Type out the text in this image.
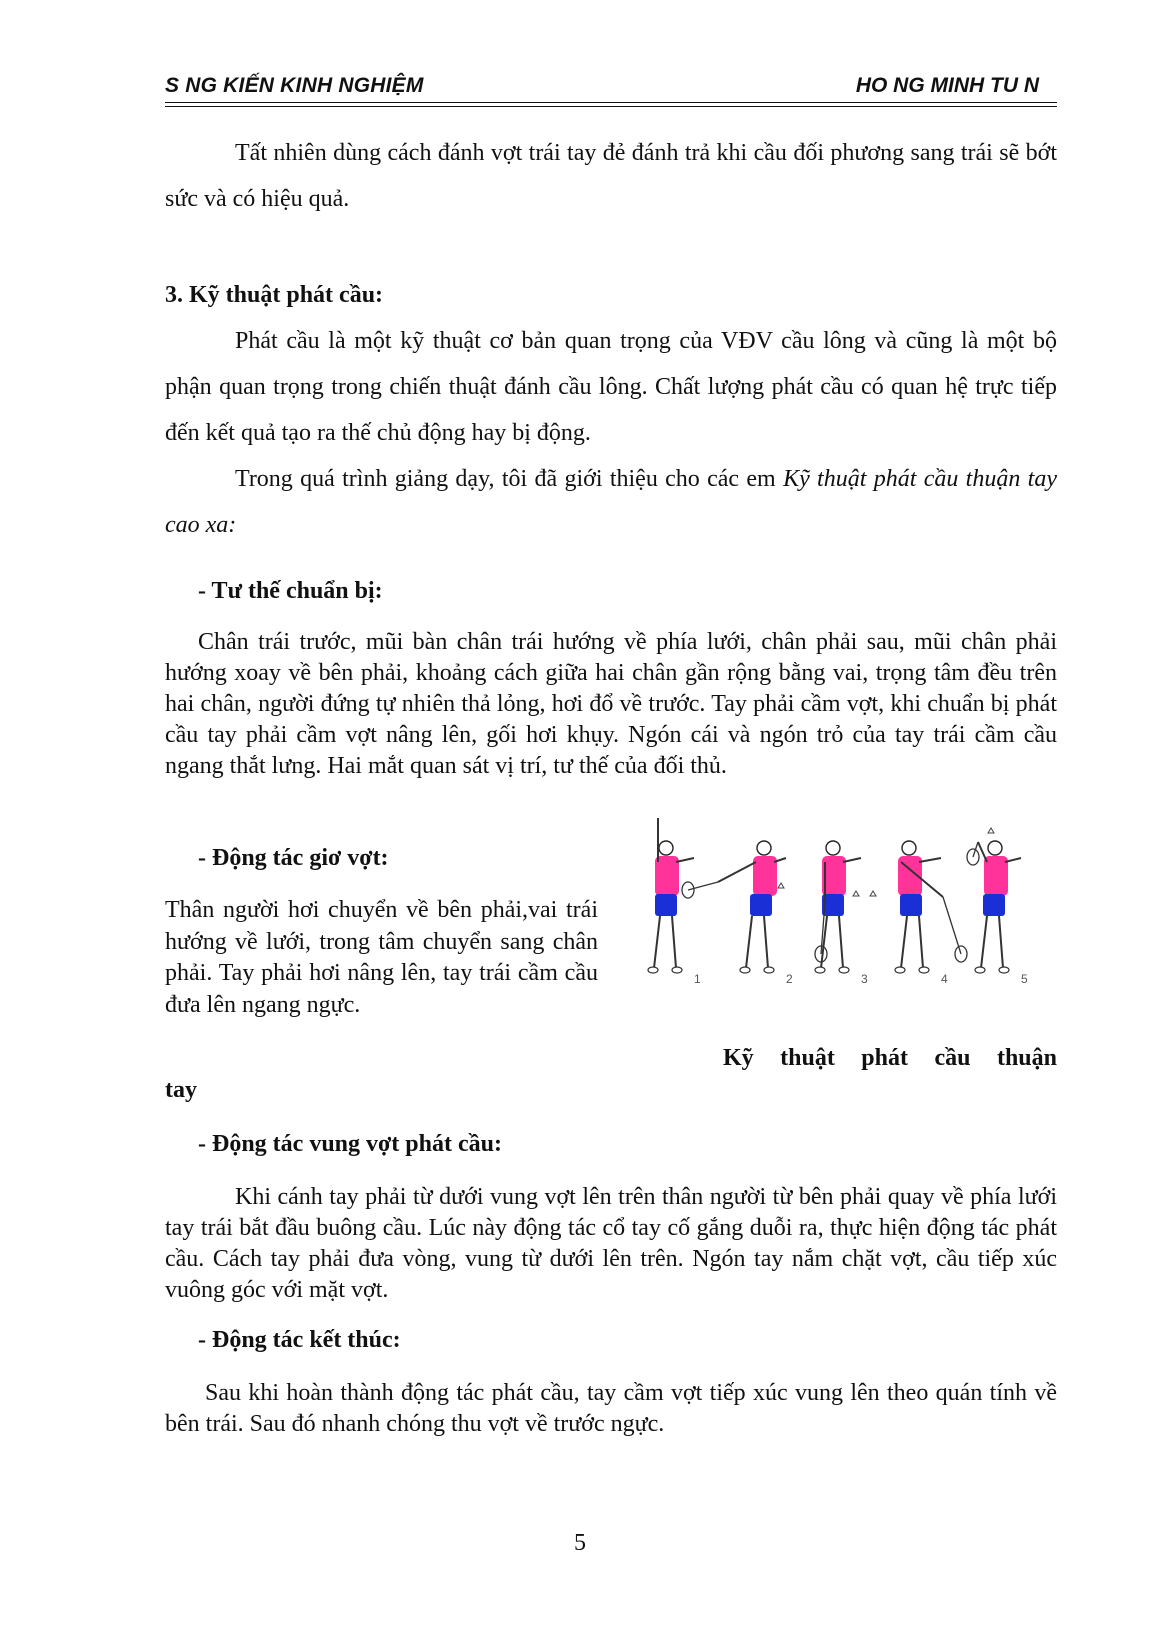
S NG KIẾN KINH NGHIỆM	HO NG MINH TU N
Tất nhiên dùng cách đánh vợt trái tay đẻ đánh trả khi cầu đối phương sang trái sẽ bớt sức và có hiệu quả.
3. Kỹ thuật phát cầu:
Phát cầu là một kỹ thuật cơ bản quan trọng của VĐV cầu lông và cũng là một bộ phận quan trọng trong chiến thuật đánh cầu lông. Chất lượng phát cầu có quan hệ trực tiếp đến kết quả tạo ra thế chủ động hay bị động.
Trong quá trình giảng dạy, tôi đã giới thiệu cho các em Kỹ thuật phát cầu thuận tay cao xa:
- Tư thế chuẩn bị:
Chân trái trước, mũi bàn chân trái hướng về phía lưới, chân phải sau, mũi chân phải hướng xoay về bên phải, khoảng cách giữa hai chân gần rộng bằng vai, trọng tâm đều trên hai chân, người đứng tự nhiên thả lỏng, hơi đổ về trước. Tay phải cầm vợt, khi chuẩn bị phát cầu tay phải cầm vợt nâng lên, gối hơi khụy. Ngón cái và ngón trỏ của tay trái cầm cầu ngang thắt lưng. Hai mắt quan sát vị trí, tư thế của đối thủ.
- Động tác giơ vợt:
Thân người hơi chuyển về bên phải,vai trái hướng về lưới, trong tâm chuyển sang chân phải. Tay phải hơi nâng lên, tay trái cầm cầu đưa lên ngang ngực.
1	2	3	4	5
Kỹ thuật phát cầu thuận tay
- Động tác vung vợt phát cầu:
Khi cánh tay phải từ dưới vung vợt lên trên thân người từ bên phải quay về phía lưới tay trái bắt đầu buông cầu. Lúc này động tác cổ tay cố gắng duỗi ra, thực hiện động tác phát cầu. Cách tay phải đưa vòng, vung từ dưới lên trên. Ngón tay nắm chặt vợt, cầu tiếp xúc vuông góc với mặt vợt.
- Động tác kết thúc:
Sau khi hoàn thành động tác phát cầu, tay cầm vợt tiếp xúc vung lên theo quán tính về bên trái. Sau đó nhanh chóng thu vợt về trước ngực.
5
